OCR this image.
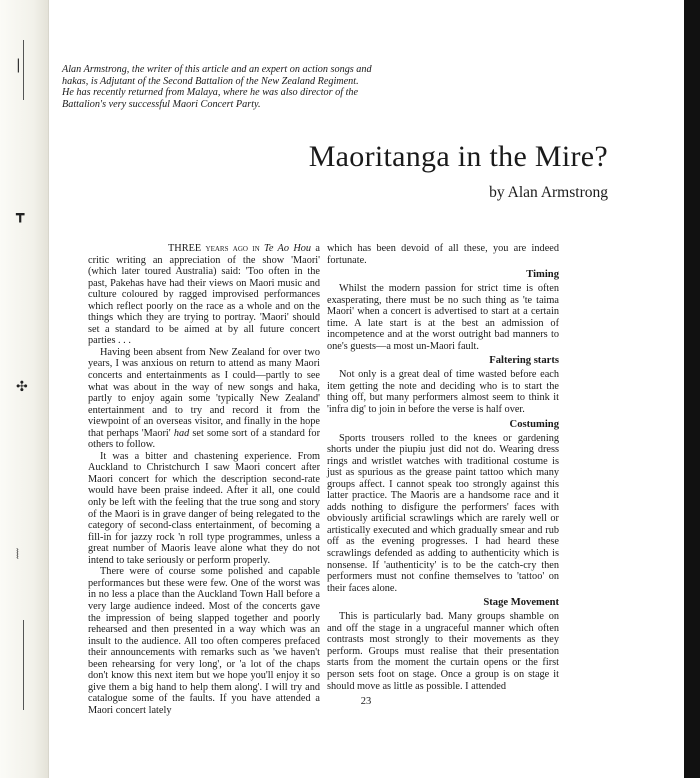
|
┳
✣
⦚

Alan Armstrong, the writer of this article and an expert on action songs and hakas, is Adjutant of the Second Battalion of the New Zealand Regiment. He has recently returned from Malaya, where he was also director of the Battalion's very successful Maori Concert Party.

Maoritanga in the Mire?

by Alan Armstrong

THREE years ago in Te Ao Hou a critic writing an appreciation of the show 'Maori' (which later toured Australia) said: 'Too often in the past, Pakehas have had their views on Maori music and culture coloured by ragged improvised performances which reflect poorly on the race as a whole and on the things which they are trying to portray. 'Maori' should set a standard to be aimed at by all future concert parties . . .

Having been absent from New Zealand for over two years, I was anxious on return to attend as many Maori concerts and entertainments as I could—partly to see what was about in the way of new songs and haka, partly to enjoy again some 'typically New Zealand' entertainment and to try and record it from the viewpoint of an overseas visitor, and finally in the hope that perhaps 'Maori' had set some sort of a standard for others to follow.

It was a bitter and chastening experience. From Auckland to Christchurch I saw Maori concert after Maori concert for which the description second-rate would have been praise indeed. After it all, one could only be left with the feeling that the true song and story of the Maori is in grave danger of being relegated to the category of second-class entertainment, of becoming a fill-in for jazzy rock 'n roll type programmes, unless a great number of Maoris leave alone what they do not intend to take seriously or perform properly.

There were of course some polished and capable performances but these were few. One of the worst was in no less a place than the Auckland Town Hall before a very large audience indeed. Most of the concerts gave the impression of being slapped together and poorly rehearsed and then presented in a way which was an insult to the audience. All too often comperes prefaced their announcements with remarks such as 'we haven't been rehearsing for very long', or 'a lot of the chaps don't know this next item but we hope you'll enjoy it so give them a big hand to help them along'. I will try and catalogue some of the faults. If you have attended a Maori concert lately

which has been devoid of all these, you are indeed fortunate.

Timing

Whilst the modern passion for strict time is often exasperating, there must be no such thing as 'te taima Maori' when a concert is advertised to start at a certain time. A late start is at the best an admission of incompetence and at the worst outright bad manners to one's guests—a most un-Maori fault.

Faltering starts

Not only is a great deal of time wasted before each item getting the note and deciding who is to start the thing off, but many performers almost seem to think it 'infra dig' to join in before the verse is half over.

Costuming

Sports trousers rolled to the knees or gardening shorts under the piupiu just did not do. Wearing dress rings and wristlet watches with traditional costume is just as spurious as the grease paint tattoo which many groups affect. I cannot speak too strongly against this latter practice. The Maoris are a handsome race and it adds nothing to disfigure the performers' faces with obviously artificial scrawlings which are rarely well or artistically executed and which gradually smear and rub off as the evening progresses. I had heard these scrawlings defended as adding to authenticity which is nonsense. If 'authenticity' is to be the catch-cry then performers must not confine themselves to 'tattoo' on their faces alone.

Stage Movement

This is particularly bad. Many groups shamble on and off the stage in a ungraceful manner which often contrasts most strongly to their movements as they perform. Groups must realise that their presentation starts from the moment the curtain opens or the first person sets foot on stage. Once a group is on stage it should move as little as possible. I attended

23
